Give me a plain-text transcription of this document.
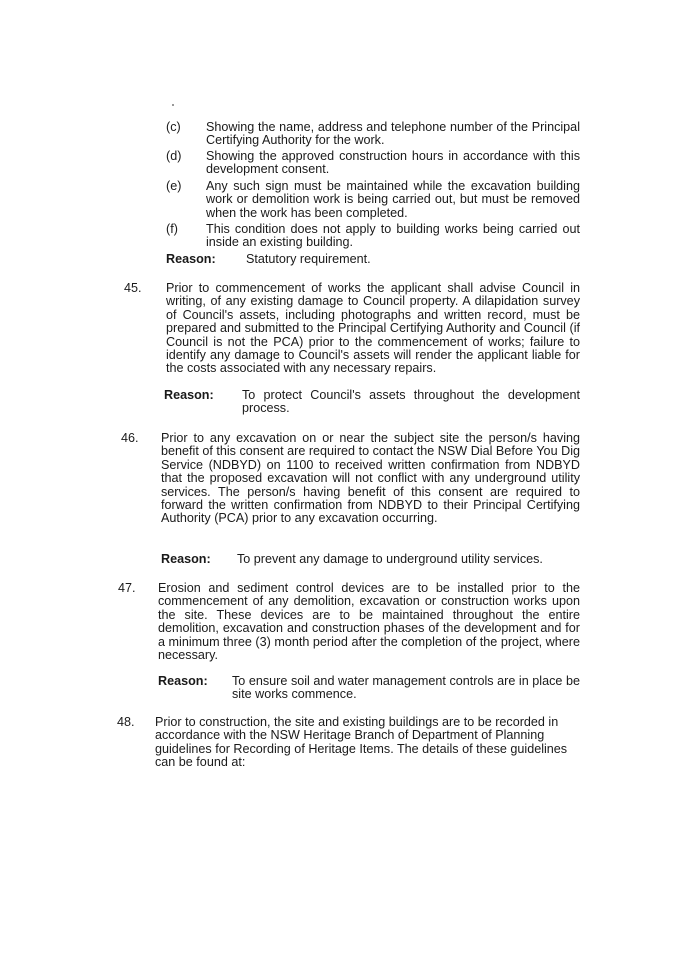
(c)	Showing the name, address and telephone number of the Principal Certifying Authority for the work.
(d)	Showing the approved construction hours in accordance with this development consent.
(e)	Any such sign must be maintained while the excavation building work or demolition work is being carried out, but must be removed when the work has been completed.
(f)	This condition does not apply to building works being carried out inside an existing building.
Reason: Statutory requirement.
45. Prior to commencement of works the applicant shall advise Council in writing, of any existing damage to Council property. A dilapidation survey of Council's assets, including photographs and written record, must be prepared and submitted to the Principal Certifying Authority and Council (if Council is not the PCA) prior to the commencement of works; failure to identify any damage to Council's assets will render the applicant liable for the costs associated with any necessary repairs.
Reason: To protect Council's assets throughout the development process.
46. Prior to any excavation on or near the subject site the person/s having benefit of this consent are required to contact the NSW Dial Before You Dig Service (NDBYD) on 1100 to received written confirmation from NDBYD that the proposed excavation will not conflict with any underground utility services. The person/s having benefit of this consent are required to forward the written confirmation from NDBYD to their Principal Certifying Authority (PCA) prior to any excavation occurring.
Reason: To prevent any damage to underground utility services.
47. Erosion and sediment control devices are to be installed prior to the commencement of any demolition, excavation or construction works upon the site. These devices are to be maintained throughout the entire demolition, excavation and construction phases of the development and for a minimum three (3) month period after the completion of the project, where necessary.
Reason: To ensure soil and water management controls are in place be site works commence.
48. Prior to construction, the site and existing buildings are to be recorded in accordance with the NSW Heritage Branch of Department of Planning guidelines for Recording of Heritage Items. The details of these guidelines can be found at:
